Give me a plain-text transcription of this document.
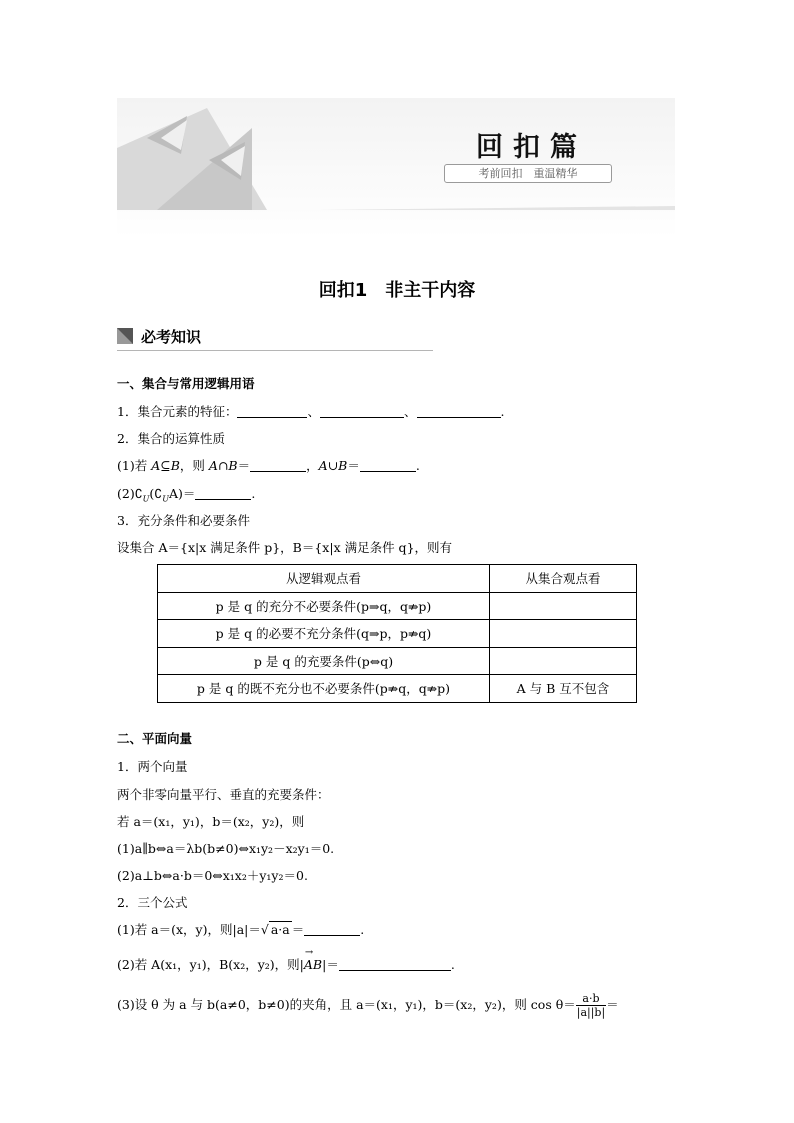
回扣篇
考前回扣　重温精华
回扣1　非主干内容
必考知识
一、集合与常用逻辑用语
1．集合元素的特征：	、	、	.
2．集合的运算性质
(1)若 A⊆B，则 A∩B＝	，A∪B＝	.
$(2)∁_U(∁_UA)=$	.
3．充分条件和必要条件
设集合 A＝{x|x 满足条件 p}，B＝{x|x 满足条件 q}，则有
从逻辑观点看	从集合观点看
p 是 q 的充分不必要条件(p⇒q，q⇏p)	
p 是 q 的必要不充分条件(q⇒p，p⇏q)	
p 是 q 的充要条件(p⇔q)	
p 是 q 的既不充分也不必要条件(p⇏q，q⇏p)	A 与 B 互不包含
二、平面向量
1．两个向量
两个非零向量平行、垂直的充要条件：
若 a＝(x₁，y₁)，b＝(x₂，y₂)，则
(1)a∥b⇔a＝λb(b≠0)⇔x₁y₂－x₂y₁＝0.
(2)a⊥b⇔a·b＝0⇔x₁x₂＋y₁y₂＝0.
2．三个公式
(1)若 a＝(x，y)，则|a|＝√ a·a ＝	.
(2)若 A(x₁，y₁)，B(x₂，y₂)，则|
→
AB|＝	.
(3)设 θ 为 a 与 b(a≠0，b≠0)的夹角，且 a＝(x₁，y₁)，b＝(x₂，y₂)，则 $\cos \theta= \frac{a\cdot b}{|a||b|}$ ＝
